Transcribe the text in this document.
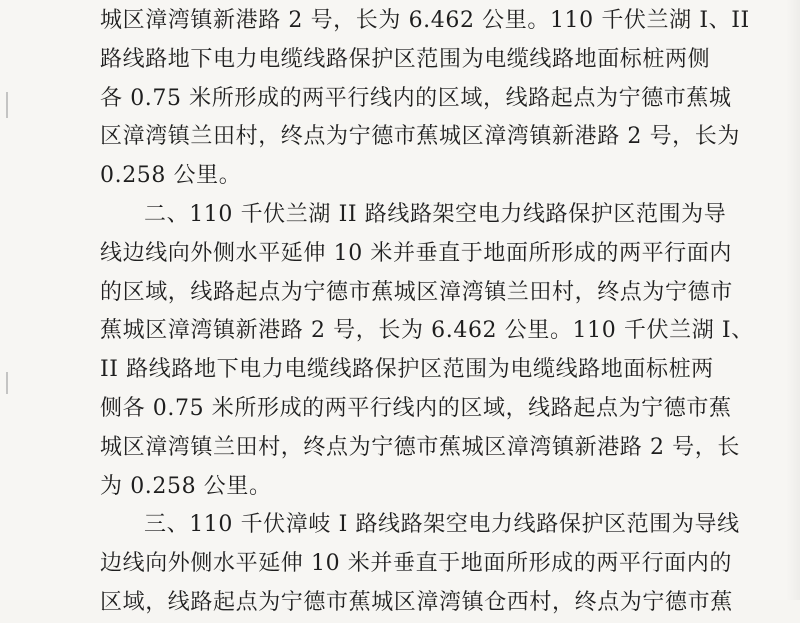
城区漳湾镇新港路 2 号，长为 6.462 公里。110 千伏兰湖 I、II
路线路地下电力电缆线路保护区范围为电缆线路地面标桩两侧
各 0.75 米所形成的两平行线内的区域，线路起点为宁德市蕉城
区漳湾镇兰田村，终点为宁德市蕉城区漳湾镇新港路 2 号，长为
0.258 公里。
二、110 千伏兰湖 II 路线路架空电力线路保护区范围为导
线边线向外侧水平延伸 10 米并垂直于地面所形成的两平行面内
的区域，线路起点为宁德市蕉城区漳湾镇兰田村，终点为宁德市
蕉城区漳湾镇新港路 2 号，长为 6.462 公里。110 千伏兰湖 I、
II 路线路地下电力电缆线路保护区范围为电缆线路地面标桩两
侧各 0.75 米所形成的两平行线内的区域，线路起点为宁德市蕉
城区漳湾镇兰田村，终点为宁德市蕉城区漳湾镇新港路 2 号，长
为 0.258 公里。
三、110 千伏漳岐 I 路线路架空电力线路保护区范围为导线
边线向外侧水平延伸 10 米并垂直于地面所形成的两平行面内的
区域，线路起点为宁德市蕉城区漳湾镇仓西村，终点为宁德市蕉
